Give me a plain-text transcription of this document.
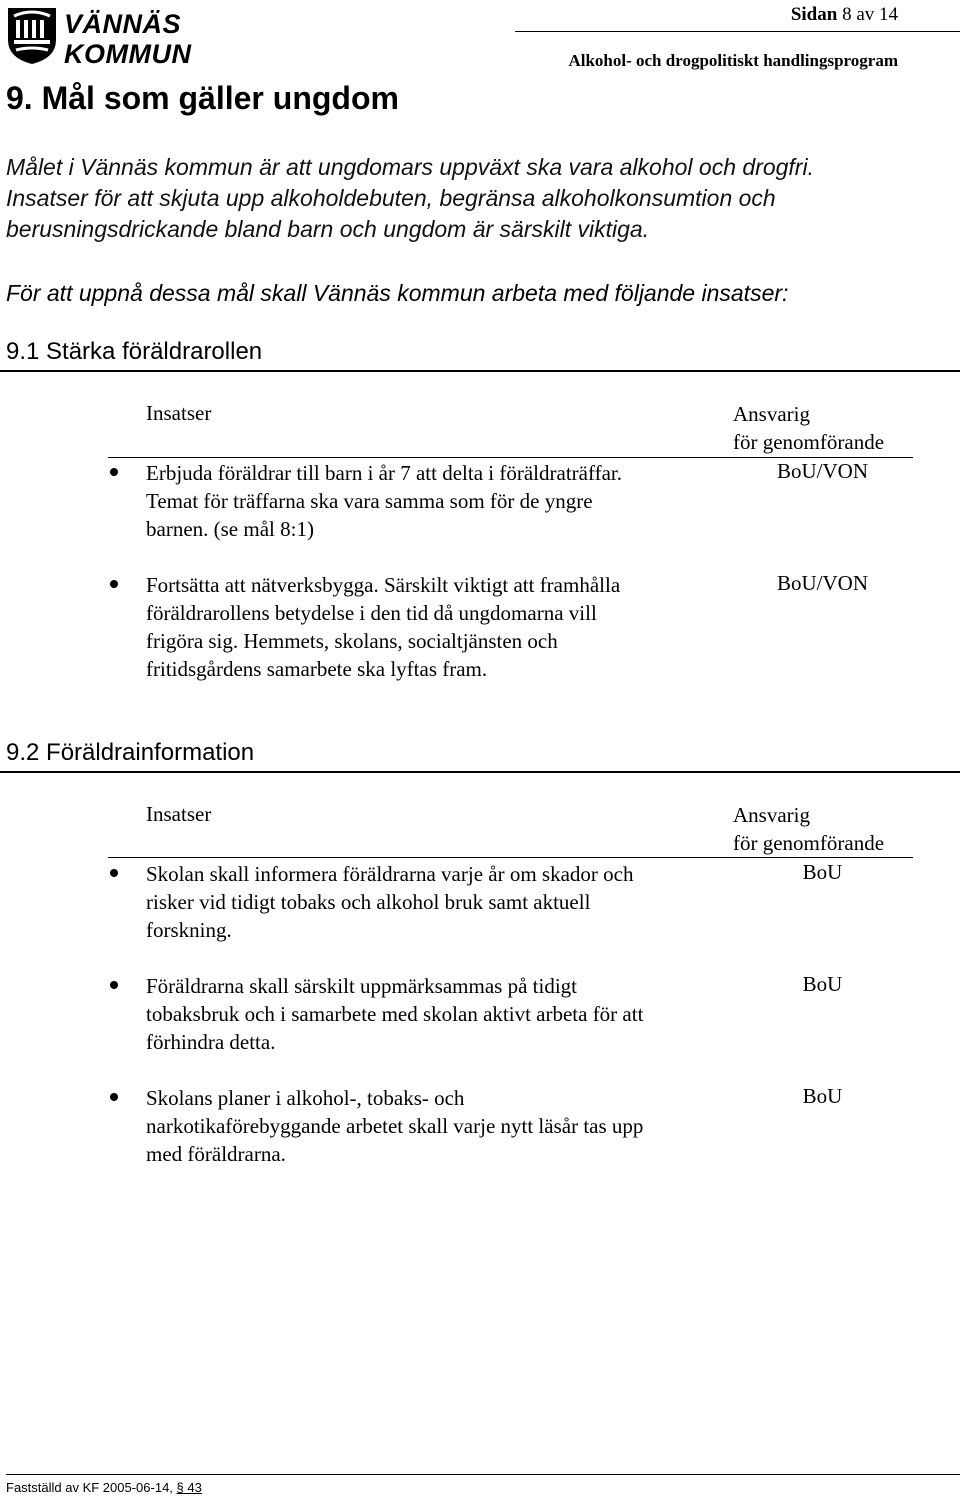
VÄNNÄS
KOMMUN
Sidan 8 av 14
Alkohol- och drogpolitiskt handlingsprogram
9. Mål som gäller ungdom
Målet i Vännäs kommun är att ungdomars uppväxt ska vara alkohol och drogfri.
Insatser för att skjuta upp alkoholdebuten, begränsa alkoholkonsumtion och
berusningsdrickande bland barn och ungdom är särskilt viktiga.
För att uppnå dessa mål skall Vännäs kommun arbeta med följande insatser:
9.1 Stärka föräldrarollen
Insatser	Ansvarig
för genomförande
Erbjuda föräldrar till barn i år 7 att delta i föräldraträffar.
Temat för träffarna ska vara samma som för de yngre
barnen. (se mål 8:1)
BoU/VON
Fortsätta att nätverksbygga. Särskilt viktigt att framhålla
föräldrarollens betydelse i den tid då ungdomarna vill
frigöra sig. Hemmets, skolans, socialtjänsten och
fritidsgårdens samarbete ska lyftas fram.
BoU/VON
9.2 Föräldrainformation
Insatser	Ansvarig
för genomförande
Skolan skall informera föräldrarna varje år om skador och
risker vid tidigt tobaks och alkohol bruk samt aktuell
forskning.
BoU
Föräldrarna skall särskilt uppmärksammas på tidigt
tobaksbruk och i samarbete med skolan aktivt arbeta för att
förhindra detta.
BoU
Skolans planer i alkohol-, tobaks- och
narkotikaförebyggande arbetet skall varje nytt läsår tas upp
med föräldrarna.
BoU
Fastställd av KF 2005-06-14, § 43
